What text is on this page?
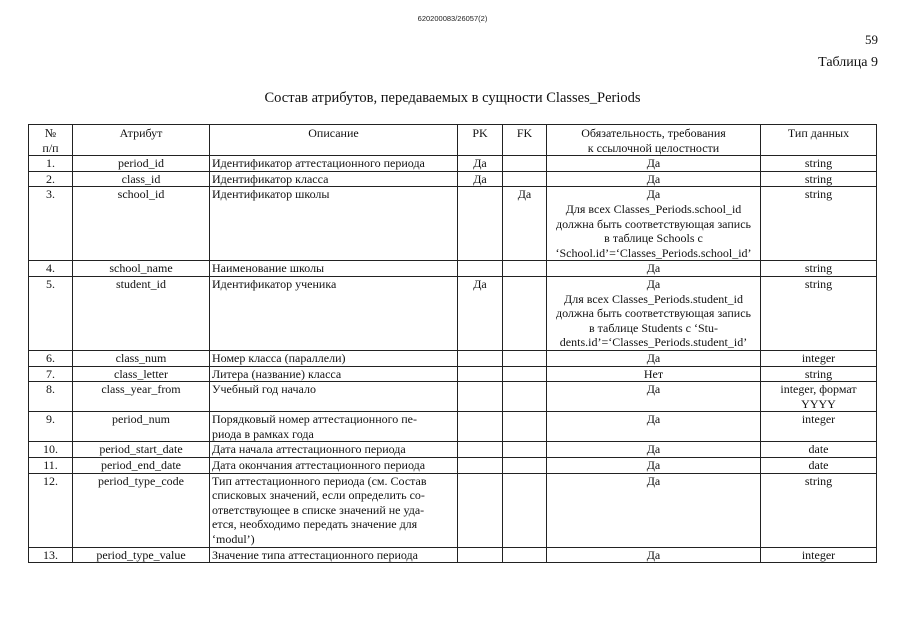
620200083/26057(2)
59
Таблица 9
Состав атрибутов, передаваемых в сущности Classes_Periods
№
п/п	Атрибут	Описание	PK	FK	Обязательность, требования
к ссылочной целостности	Тип данных
1.	period_id	Идентификатор аттестационного периода	Да		Да	string

2.	class_id	Идентификатор класса	Да		Да	string

3.	school_id	Идентификатор школы		Да	Да
Для всех Classes_Periods.school_id
должна быть соответствующая запись
в таблице Schools с
‘School.id’=‘Classes_Periods.school_id’	string

4.	school_name	Наименование школы			Да	string

5.	student_id	Идентификатор ученика	Да		Да
Для всех Classes_Periods.student_id
должна быть соответствующая запись
в таблице Students с ‘Stu-
dents.id’=‘Classes_Periods.student_id’	string

6.	class_num	Номер класса (параллели)			Да	integer

7.	class_letter	Литера (название) класса			Нет	string

8.	class_year_from	Учебный год начало			Да	integer, формат
YYYY

9.	period_num	Порядковый номер аттестационного пе-
риода в рамках года			Да	integer

10.	period_start_date	Дата начала аттестационного периода			Да	date

11.	period_end_date	Дата окончания аттестационного периода			Да	date

12.	period_type_code	Тип аттестационного периода (см. Состав
списковых значений, если определить со-
ответствующее в списке значений не уда-
ется, необходимо передать значение для
‘modul’)			Да	string

13.	period_type_value	Значение типа аттестационного периода			Да	integer
